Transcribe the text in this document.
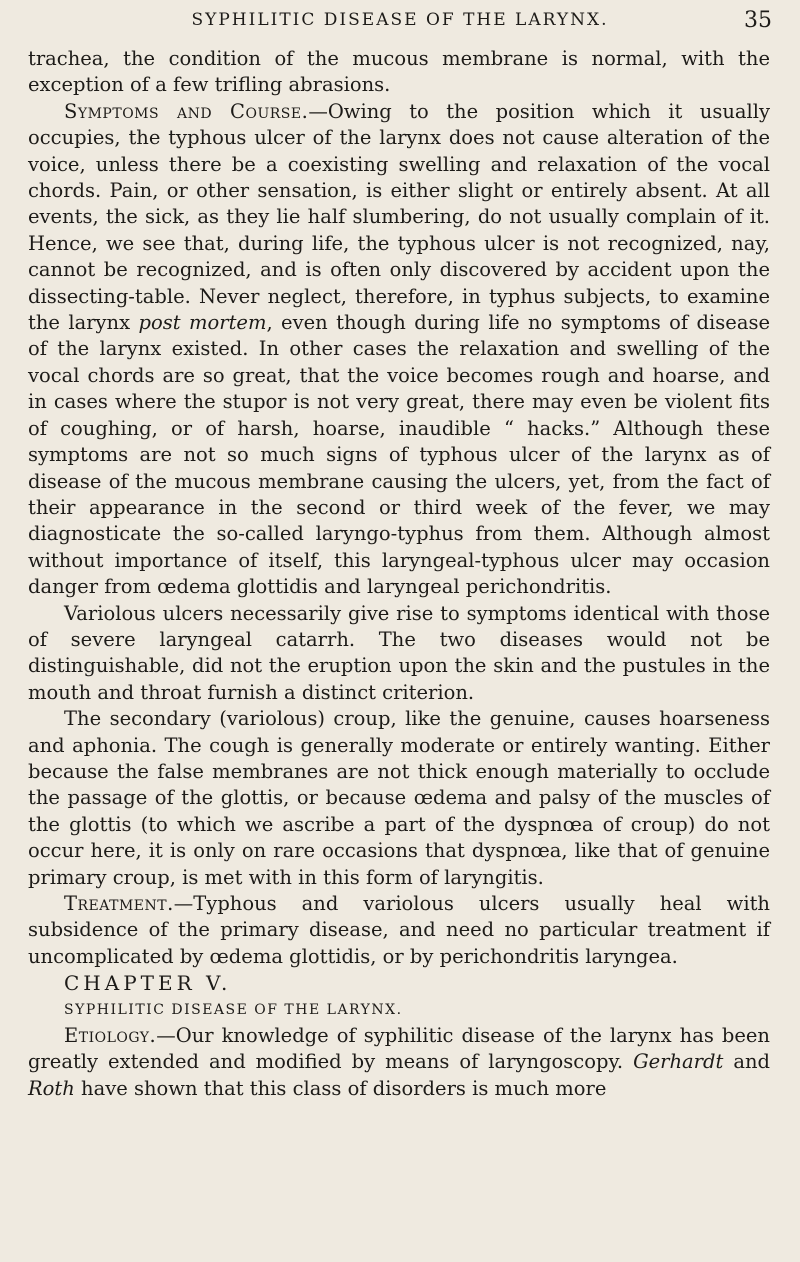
SYPHILITIC DISEASE OF THE LARYNX.	35

trachea, the condition of the mucous membrane is normal, with the exception of a few trifling abrasions.

Symptoms and Course.—Owing to the position which it usually occupies, the typhous ulcer of the larynx does not cause alteration of the voice, unless there be a coexisting swelling and relaxation of the vocal chords. Pain, or other sensation, is either slight or entirely absent. At all events, the sick, as they lie half slumbering, do not usually complain of it. Hence, we see that, during life, the typhous ulcer is not recognized, nay, cannot be recognized, and is often only discovered by accident upon the dissecting-table. Never neglect, therefore, in typhus subjects, to examine the larynx post mortem, even though during life no symptoms of disease of the larynx existed. In other cases the relaxation and swelling of the vocal chords are so great, that the voice becomes rough and hoarse, and in cases where the stupor is not very great, there may even be violent fits of coughing, or of harsh, hoarse, inaudible “ hacks.” Although these symptoms are not so much signs of typhous ulcer of the larynx as of disease of the mucous membrane causing the ulcers, yet, from the fact of their appearance in the second or third week of the fever, we may diagnosticate the so-called laryngo-typhus from them. Although almost without importance of itself, this laryngeal-typhous ulcer may occasion danger from œdema glottidis and laryngeal perichondritis.

Variolous ulcers necessarily give rise to symptoms identical with those of severe laryngeal catarrh. The two diseases would not be distinguishable, did not the eruption upon the skin and the pustules in the mouth and throat furnish a distinct criterion.

The secondary (variolous) croup, like the genuine, causes hoarseness and aphonia. The cough is generally moderate or entirely wanting. Either because the false membranes are not thick enough materially to occlude the passage of the glottis, or because œdema and palsy of the muscles of the glottis (to which we ascribe a part of the dyspnœa of croup) do not occur here, it is only on rare occasions that dyspnœa, like that of genuine primary croup, is met with in this form of laryngitis.

Treatment.—Typhous and variolous ulcers usually heal with subsidence of the primary disease, and need no particular treatment if uncomplicated by œdema glottidis, or by perichondritis laryngea.

CHAPTER V.

SYPHILITIC DISEASE OF THE LARYNX.

Etiology.—Our knowledge of syphilitic disease of the larynx has been greatly extended and modified by means of laryngoscopy. Gerhardt and Roth have shown that this class of disorders is much more
